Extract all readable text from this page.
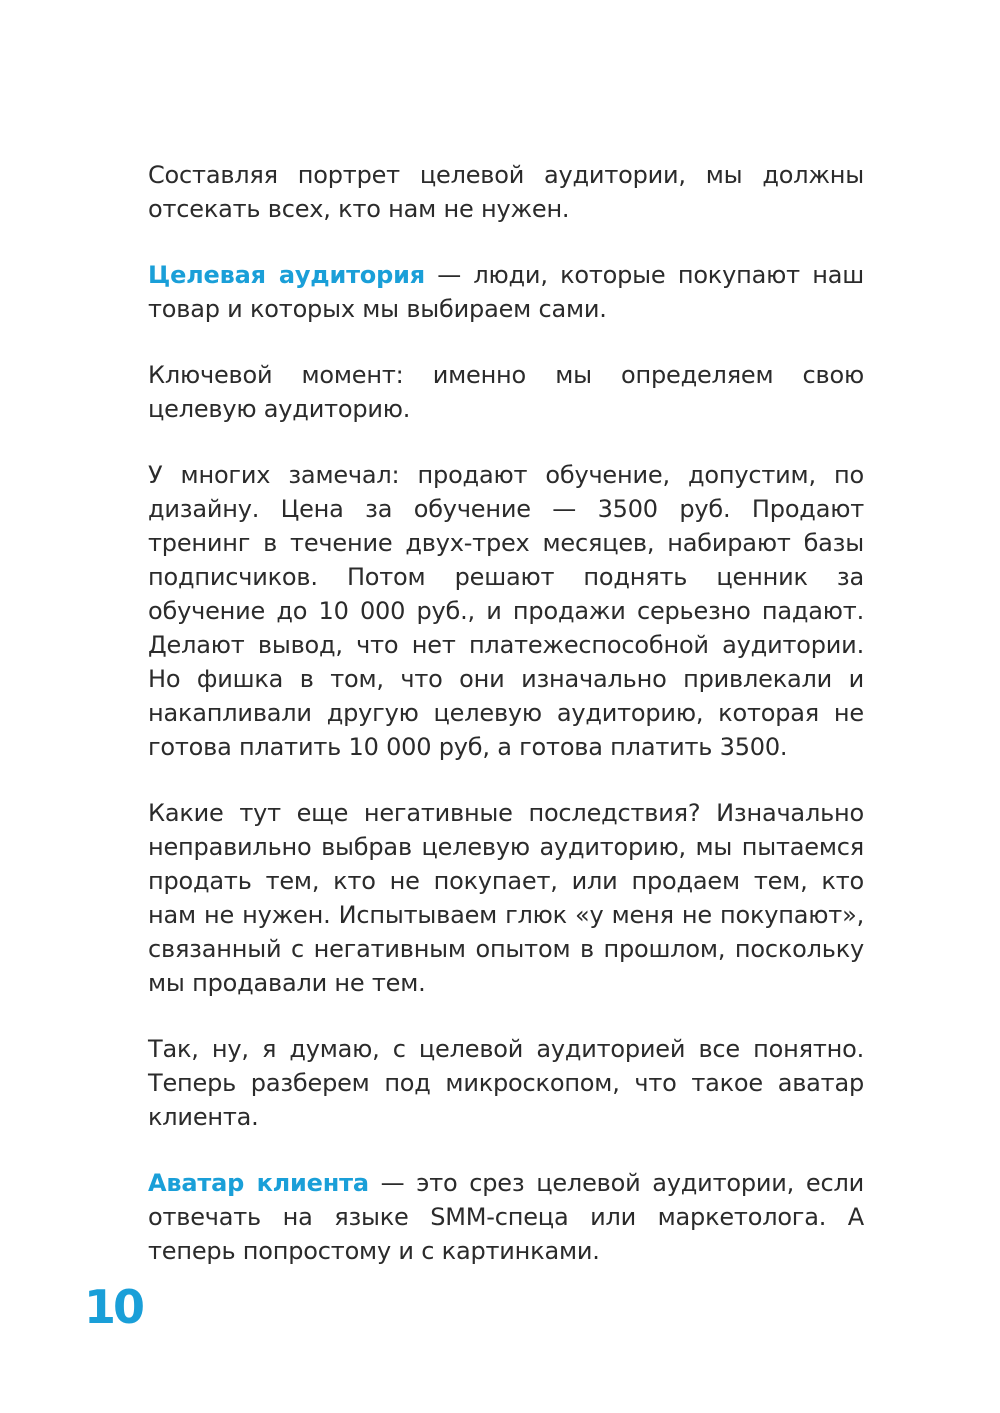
Составляя портрет целевой аудитории, мы должны отсекать всех, кто нам не нужен.

Целевая аудитория — люди, которые покупают наш товар и которых мы выбираем сами.

Ключевой момент: именно мы определяем свою целевую аудиторию.

У многих замечал: продают обучение, допустим, по дизайну. Цена за обучение — 3500 руб. Продают тренинг в течение двух-трех месяцев, набирают базы подписчиков. Потом решают поднять ценник за обучение до 10 000 руб., и продажи серьезно падают. Делают вывод, что нет платежеспособной аудитории. Но фишка в том, что они изначально привлекали и накапливали другую целевую аудиторию, которая не готова платить 10 000 руб, а готова платить 3500.

Какие тут еще негативные последствия? Изначально неправильно выбрав целевую аудиторию, мы пытаемся продать тем, кто не покупает, или продаем тем, кто нам не нужен. Испытываем глюк «у меня не покупают», связанный с негативным опытом в прошлом, поскольку мы продавали не тем.

Так, ну, я думаю, с целевой аудиторией все понятно. Теперь разберем под микроскопом, что такое аватар клиента.

Аватар клиента — это срез целевой аудитории, если отвечать на языке SMM-спеца или маркетолога. А теперь попростому и с картинками.

10
